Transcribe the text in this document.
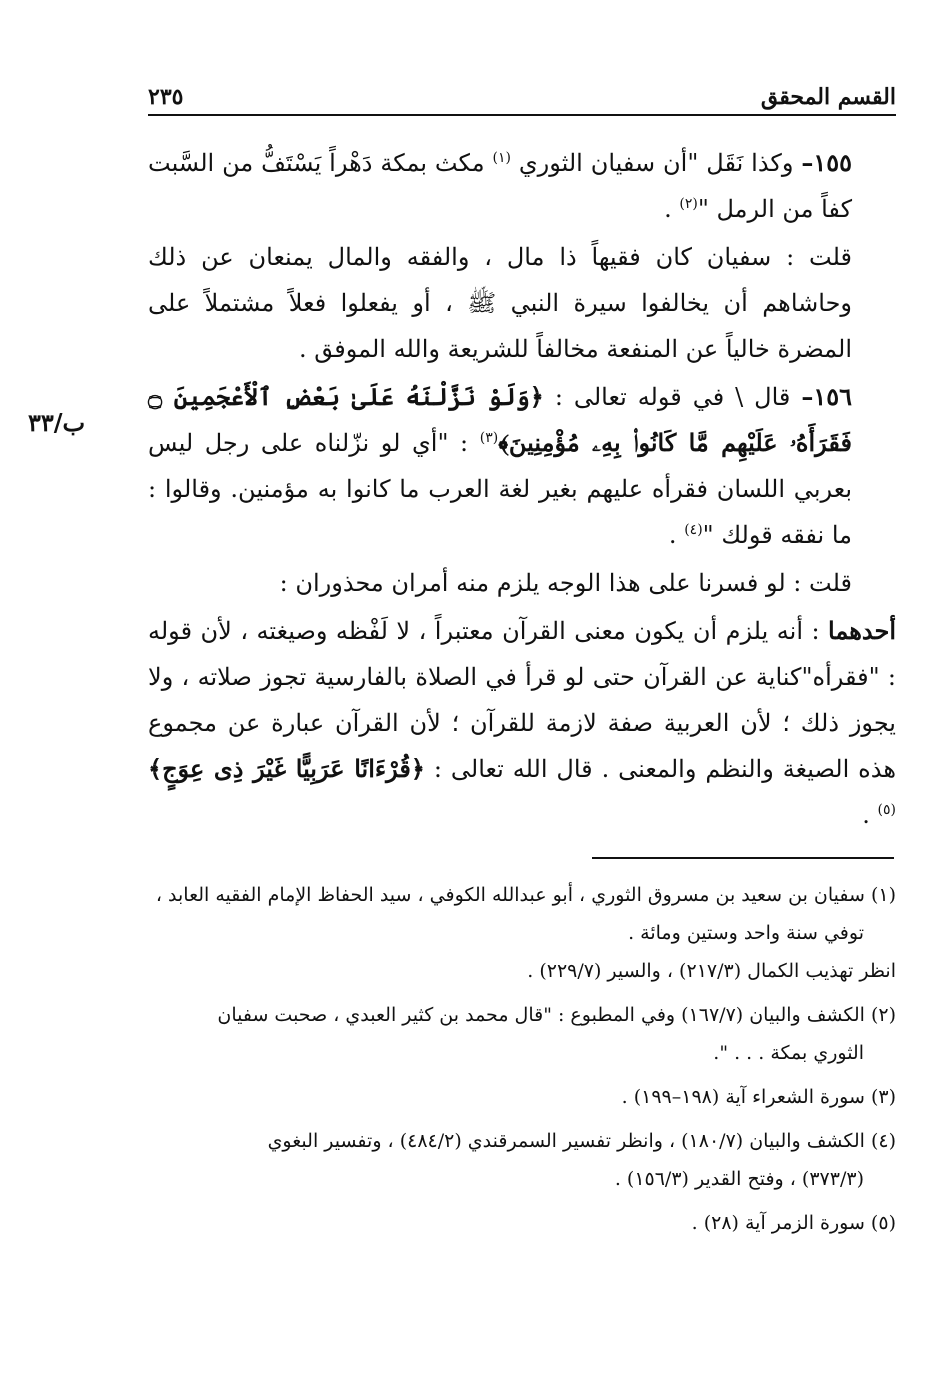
القسم المحقق
٢٣٥
ب/٣٣

١٥٥– وكذا نَقَل "أن سفيان الثوري $^{(١)}$ مكث بمكة دَهْراً يَسْتَفُّ من السَّبت كفاً من الرمل "$^{(٢)}$ .

قلت : سفيان كان فقيهاً ذا مال ، والفقه والمال يمنعان عن ذلك وحاشاهم أن يخالفوا سيرة النبي ﷺ ، أو يفعلوا فعلاً مشتملاً على المضرة خالياً عن المنفعة مخالفاً للشريعة والله الموفق .

١٥٦– قال \ في قوله تعالى : ﴿وَلَوْ نَزَّلْنَهُ عَلَىٰ بَعْضِ ٱلْأَعْجَمِينَ ۝ فَقَرَأَهُۥ عَلَيْهِم مَّا كَانُوا۟ بِهِۦ مُؤْمِنِينَ﴾$^{(٣)}$ : "أي لو نزّلناه على رجل ليس بعربي اللسان فقرأه عليهم بغير لغة العرب ما كانوا به مؤمنين. وقالوا : ما نفقه قولك "$^{(٤)}$ .

قلت : لو فسرنا على هذا الوجه يلزم منه أمران محذوران :

أحدهما : أنه يلزم أن يكون معنى القرآن معتبراً ، لا لَفْظه وصيغته ، لأن قوله : "فقرأه"كناية عن القرآن حتى لو قرأ في الصلاة بالفارسية تجوز صلاته ، ولا يجوز ذلك ؛ لأن العربية صفة لازمة للقرآن ؛ لأن القرآن عبارة عن مجموع هذه الصيغة والنظم والمعنى . قال الله تعالى : ﴿قُرْءَانًا عَرَبِيًّا غَيْرَ ذِى عِوَجٍ﴾$^{(٥)}$ .

(١) سفيان بن سعيد بن مسروق الثوري ، أبو عبدالله الكوفي ، سيد الحفاظ الإمام الفقيه العابد ،
توفي سنة واحد وستين ومائة .
انظر تهذيب الكمال (٢١٧/٣) ، والسير (٢٢٩/٧) .
(٢) الكشف والبيان (١٦٧/٧) وفي المطبوع : "قال محمد بن كثير العبدي ، صحبت سفيان
الثوري بمكة . . . ".
(٣) سورة الشعراء آية (١٩٨–١٩٩) .
(٤) الكشف والبيان (١٨٠/٧) ، وانظر تفسير السمرقندي (٤٨٤/٢) ، وتفسير البغوي
(٣٧٣/٣) ، وفتح القدير (١٥٦/٣) .
(٥) سورة الزمر آية (٢٨) .
